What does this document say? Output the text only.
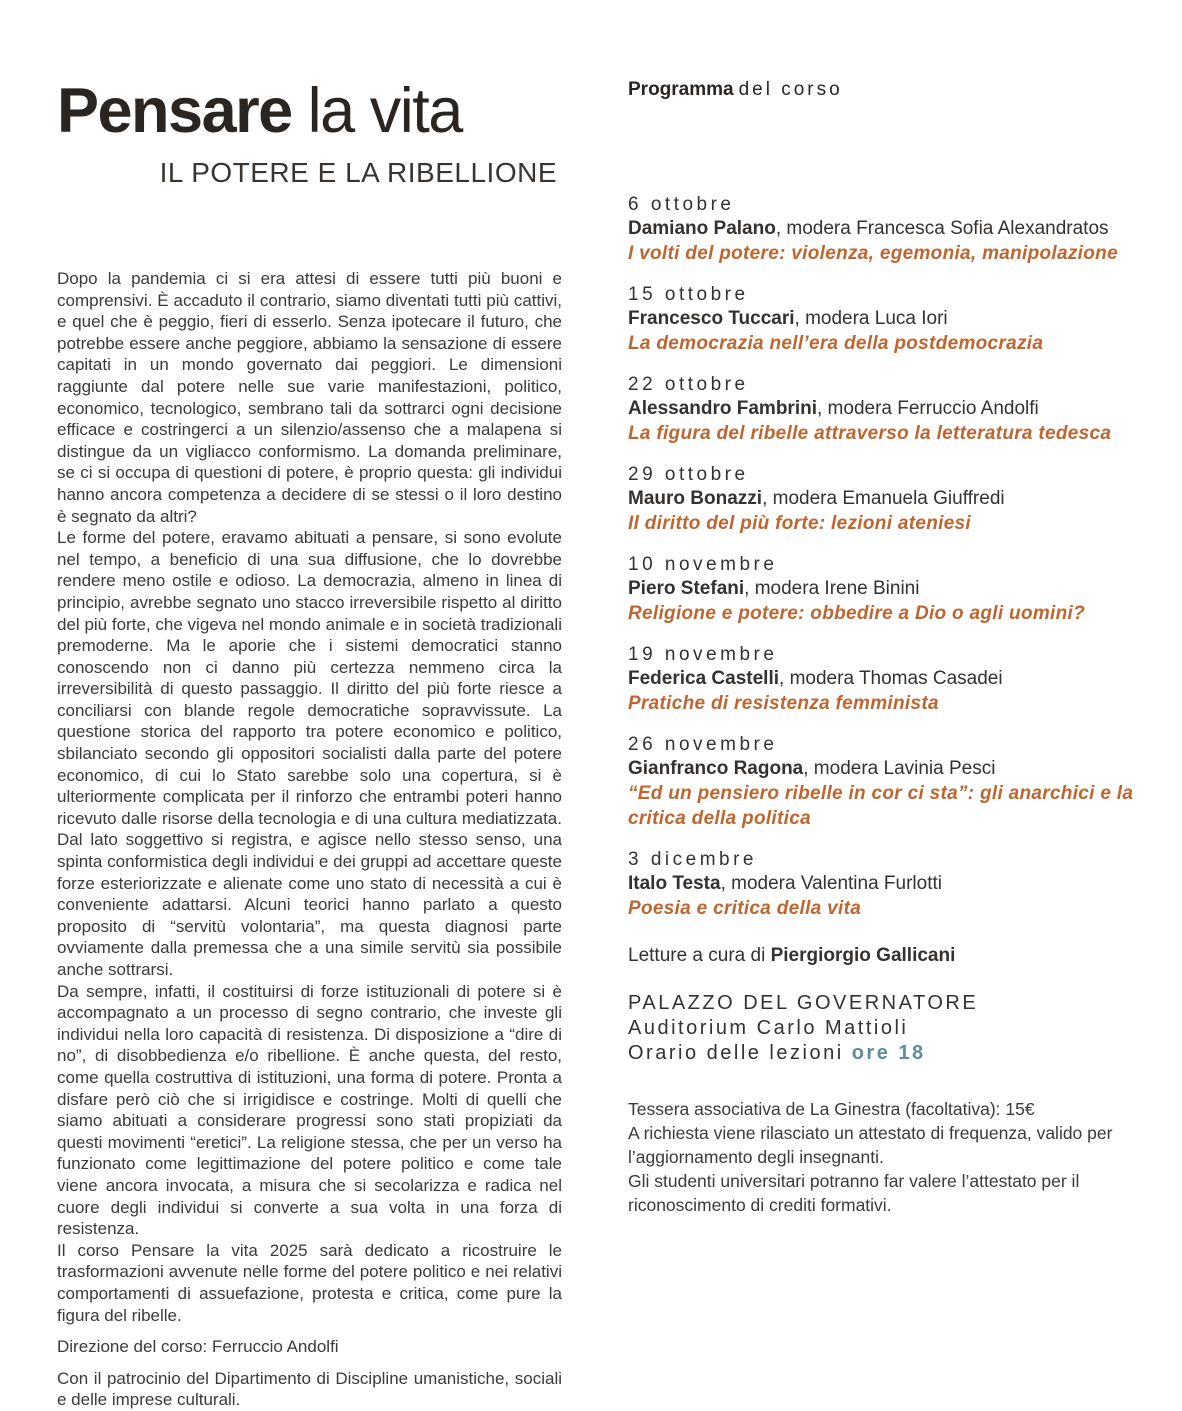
Pensare la vita
IL POTERE E LA RIBELLIONE

Dopo la pandemia ci si era attesi di essere tutti più buoni e comprensivi. È accaduto il contrario, siamo diventati tutti più cattivi, e quel che è peggio, fieri di esserlo. Senza ipotecare il futuro, che potrebbe essere anche peggiore, abbiamo la sensazione di essere capitati in un mondo governato dai peggiori. Le dimensioni raggiunte dal potere nelle sue varie manifestazioni, politico, economico, tecnologico, sembrano tali da sottrarci ogni decisione efficace e costringerci a un silenzio/assenso che a malapena si distingue da un vigliacco conformismo. La domanda preliminare, se ci si occupa di questioni di potere, è proprio questa: gli individui hanno ancora competenza a decidere di se stessi o il loro destino è segnato da altri?

Le forme del potere, eravamo abituati a pensare, si sono evolute nel tempo, a beneficio di una sua diffusione, che lo dovrebbe rendere meno ostile e odioso. La democrazia, almeno in linea di principio, avrebbe segnato uno stacco irreversibile rispetto al diritto del più forte, che vigeva nel mondo animale e in società tradizionali premoderne. Ma le aporie che i sistemi democratici stanno conoscendo non ci danno più certezza nemmeno circa la irreversibilità di questo passaggio. Il diritto del più forte riesce a conciliarsi con blande regole democratiche sopravvissute. La questione storica del rapporto tra potere economico e politico, sbilanciato secondo gli oppositori socialisti dalla parte del potere economico, di cui lo Stato sarebbe solo una copertura, si è ulteriormente complicata per il rinforzo che entrambi poteri hanno ricevuto dalle risorse della tecnologia e di una cultura mediatizzata. Dal lato soggettivo si registra, e agisce nello stesso senso, una spinta conformistica degli individui e dei gruppi ad accettare queste forze esteriorizzate e alienate come uno stato di necessità a cui è conveniente adattarsi. Alcuni teorici hanno parlato a questo proposito di “servitù volontaria”, ma questa diagnosi parte ovviamente dalla premessa che a una simile servitù sia possibile anche sottrarsi.

Da sempre, infatti, il costituirsi di forze istituzionali di potere si è accompagnato a un processo di segno contrario, che investe gli individui nella loro capacità di resistenza. Di disposizione a “dire di no”, di disobbedienza e/o ribellione. È anche questa, del resto, come quella costruttiva di istituzioni, una forma di potere. Pronta a disfare però ciò che si irrigidisce e costringe. Molti di quelli che siamo abituati a considerare progressi sono stati propiziati da questi movimenti “eretici”. La religione stessa, che per un verso ha funzionato come legittimazione del potere politico e come tale viene ancora invocata, a misura che si secolarizza e radica nel cuore degli individui si converte a sua volta in una forza di resistenza.

Il corso Pensare la vita 2025 sarà dedicato a ricostruire le trasformazioni avvenute nelle forme del potere politico e nei relativi comportamenti di assuefazione, protesta e critica, come pure la figura del ribelle.

Direzione del corso: Ferruccio Andolfi

Con il patrocinio del Dipartimento di Discipline umanistiche, sociali e delle imprese culturali.

Programma del corso
6 ottobre
Damiano Palano, modera Francesca Sofia Alexandratos
I volti del potere: violenza, egemonia, manipolazione
15 ottobre
Francesco Tuccari, modera Luca Iori
La democrazia nell’era della postdemocrazia
22 ottobre
Alessandro Fambrini, modera Ferruccio Andolfi
La figura del ribelle attraverso la letteratura tedesca
29 ottobre
Mauro Bonazzi, modera Emanuela Giuffredi
Il diritto del più forte: lezioni ateniesi
10 novembre
Piero Stefani, modera Irene Binini
Religione e potere: obbedire a Dio o agli uomini?
19 novembre
Federica Castelli, modera Thomas Casadei
Pratiche di resistenza femminista
26 novembre
Gianfranco Ragona, modera Lavinia Pesci
“Ed un pensiero ribelle in cor ci sta”: gli anarchici e la critica della politica
3 dicembre
Italo Testa, modera Valentina Furlotti
Poesia e critica della vita
Letture a cura di Piergiorgio Gallicani
PALAZZO DEL GOVERNATORE
Auditorium Carlo Mattioli
Orario delle lezioni ore 18
Tessera associativa de La Ginestra (facoltativa): 15€
A richiesta viene rilasciato un attestato di frequenza, valido per l’aggiornamento degli insegnanti.
Gli studenti universitari potranno far valere l’attestato per il riconoscimento di crediti formativi.
